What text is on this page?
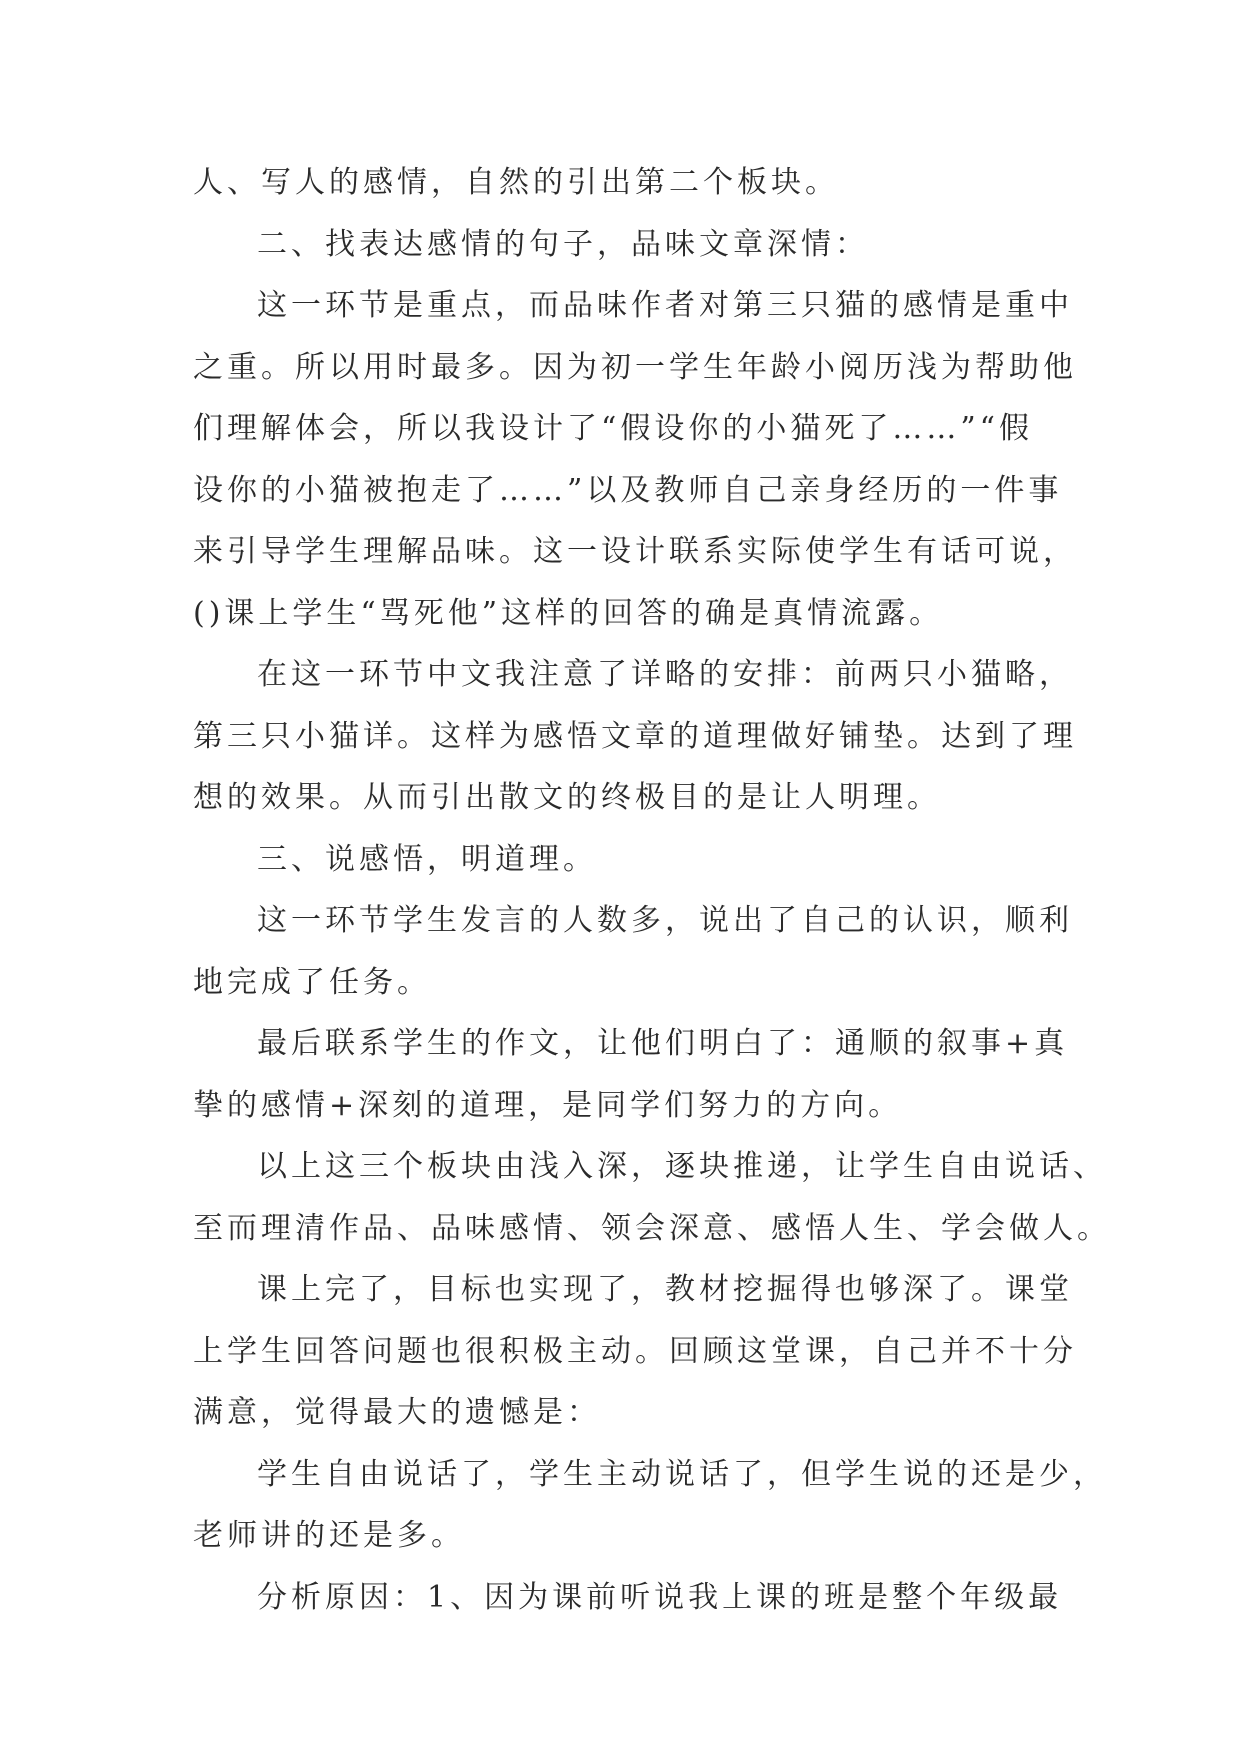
人、写人的感情，自然的引出第二个板块。
二、找表达感情的句子，品味文章深情：
这一环节是重点，而品味作者对第三只猫的感情是重中
之重。所以用时最多。因为初一学生年龄小阅历浅为帮助他
们理解体会，所以我设计了“假设你的小猫死了……”“假
设你的小猫被抱走了……”以及教师自己亲身经历的一件事
来引导学生理解品味。这一设计联系实际使学生有话可说，
()课上学生“骂死他”这样的回答的确是真情流露。
在这一环节中文我注意了详略的安排：前两只小猫略，
第三只小猫详。这样为感悟文章的道理做好铺垫。达到了理
想的效果。从而引出散文的终极目的是让人明理。
三、说感悟，明道理。
这一环节学生发言的人数多，说出了自己的认识，顺利
地完成了任务。
最后联系学生的作文，让他们明白了：通顺的叙事+真
挚的感情+深刻的道理，是同学们努力的方向。
以上这三个板块由浅入深，逐块推递，让学生自由说话、
至而理清作品、品味感情、领会深意、感悟人生、学会做人。
课上完了，目标也实现了，教材挖掘得也够深了。课堂
上学生回答问题也很积极主动。回顾这堂课，自己并不十分
满意，觉得最大的遗憾是：
学生自由说话了，学生主动说话了，但学生说的还是少，
老师讲的还是多。
分析原因：1、因为课前听说我上课的班是整个年级最
